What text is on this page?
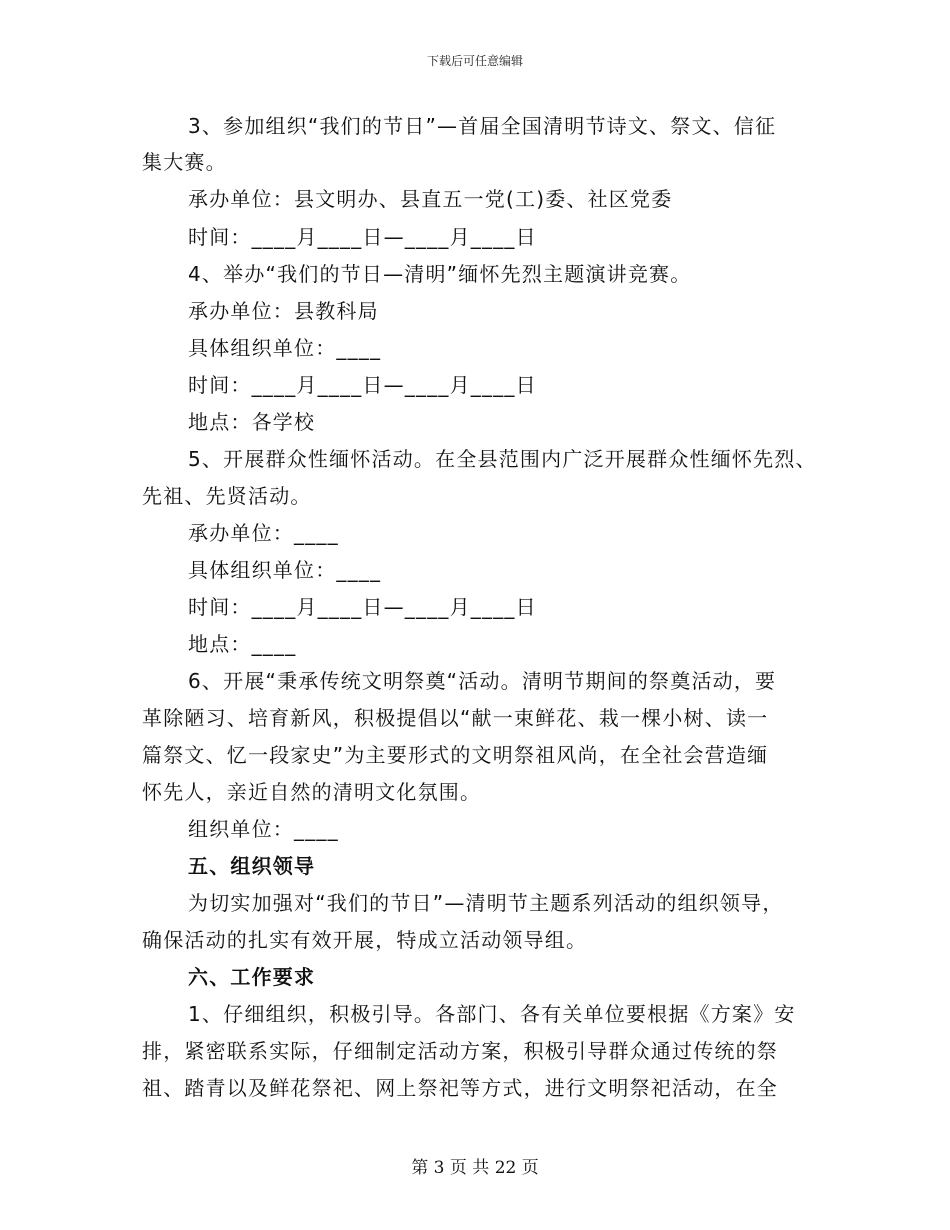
下载后可任意编辑
3、参加组织“我们的节日”—首届全国清明节诗文、祭文、信征
集大赛。
承办单位：县文明办、县直五一党(工)委、社区党委
时间：____月____日—____月____日
4、举办“我们的节日—清明”缅怀先烈主题演讲竞赛。
承办单位：县教科局
具体组织单位：____
时间：____月____日—____月____日
地点：各学校
5、开展群众性缅怀活动。在全县范围内广泛开展群众性缅怀先烈、
先祖、先贤活动。
承办单位：____
具体组织单位：____
时间：____月____日—____月____日
地点：____
6、开展“秉承传统文明祭奠“活动。清明节期间的祭奠活动，要
革除陋习、培育新风，积极提倡以“献一束鲜花、栽一棵小树、读一
篇祭文、忆一段家史”为主要形式的文明祭祖风尚，在全社会营造缅
怀先人，亲近自然的清明文化氛围。
组织单位：____
五、组织领导
为切实加强对“我们的节日”—清明节主题系列活动的组织领导，
确保活动的扎实有效开展，特成立活动领导组。
六、工作要求
1、仔细组织，积极引导。各部门、各有关单位要根据《方案》安
排，紧密联系实际，仔细制定活动方案，积极引导群众通过传统的祭
祖、踏青以及鲜花祭祀、网上祭祀等方式，进行文明祭祀活动，在全
第 3 页 共 22 页
